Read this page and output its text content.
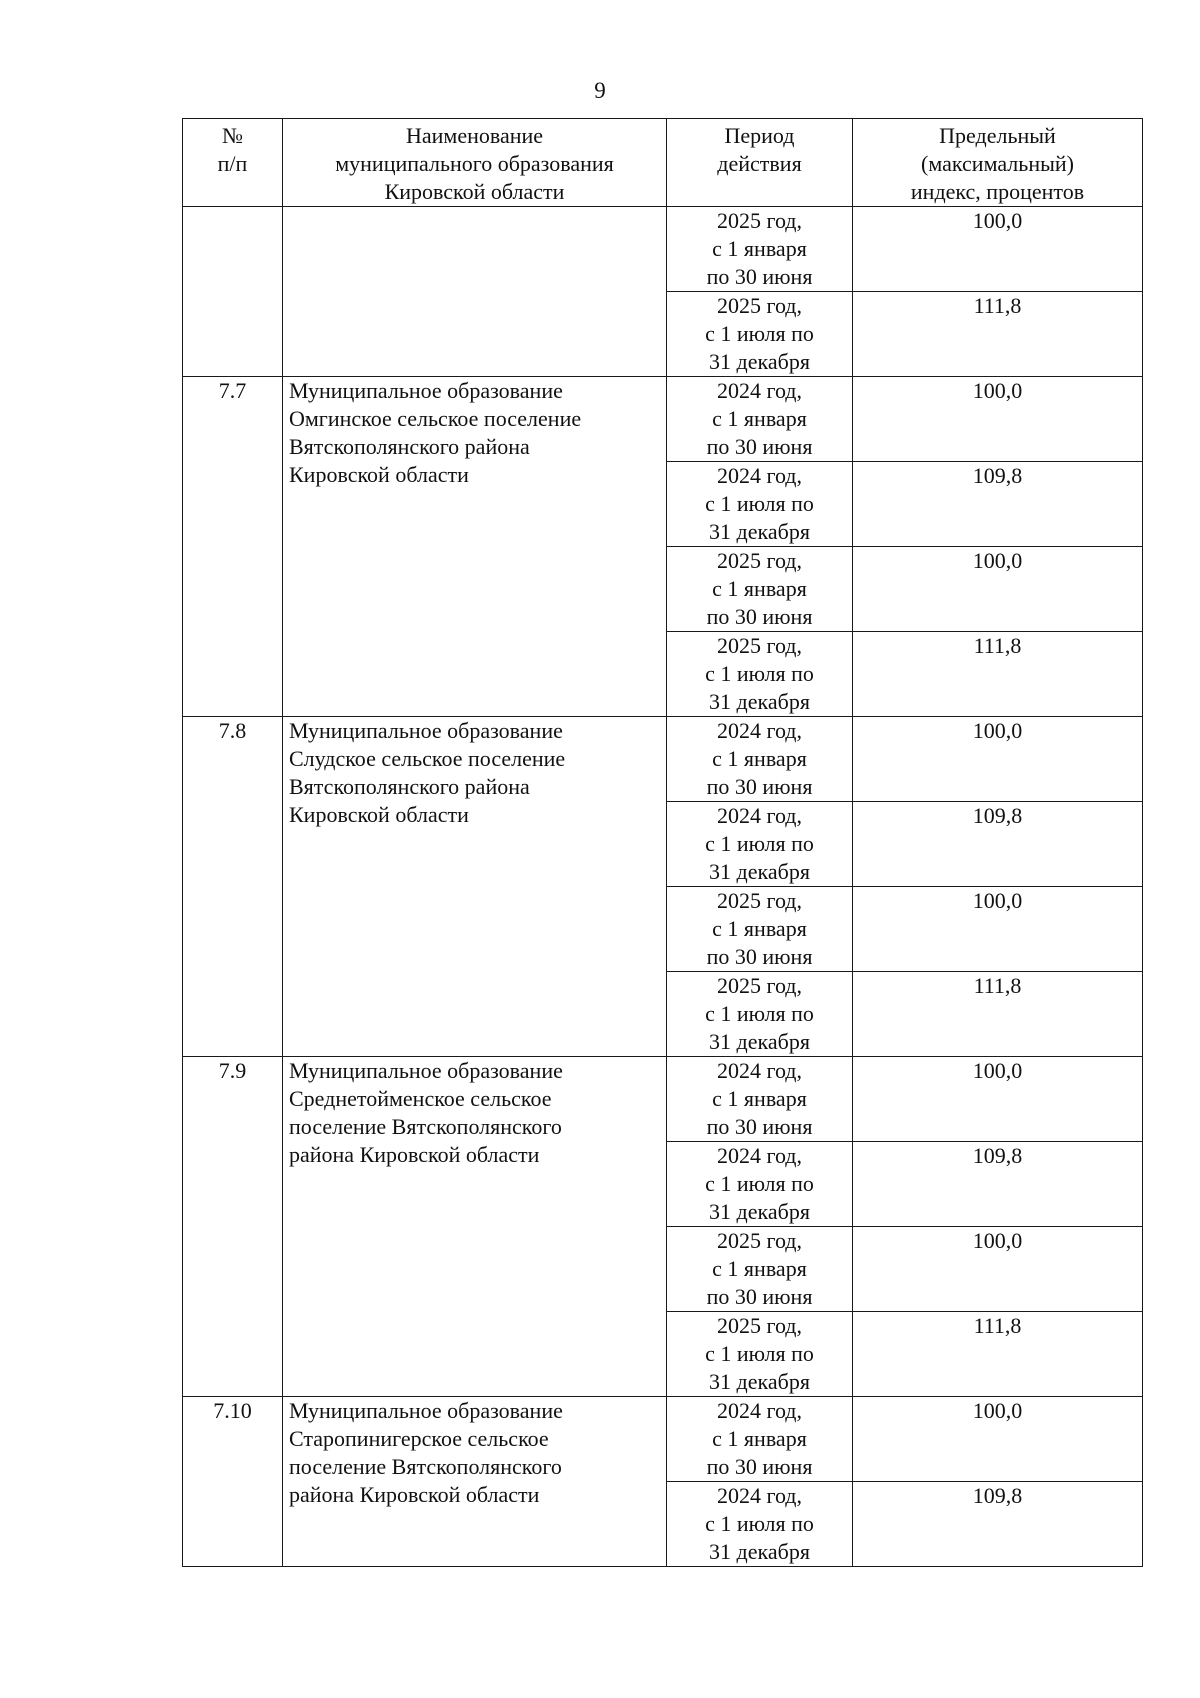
9
№
п/п	Наименование
муниципального образования
Кировской области	Период
действия	Предельный
(максимальный)
индекс, процентов

		2025 год,
с 1 января
по 30 июня	100,0

		2025 год,
с 1 июля по
31 декабря	111,8
7.7	Муниципальное образование
Омгинское сельское поселение
Вятскополянского района
Кировской области	2024 год,
с 1 января
по 30 июня	100,0

		2024 год,
с 1 июля по
31 декабря	109,8

		2025 год,
с 1 января
по 30 июня	100,0

		2025 год,
с 1 июля по
31 декабря	111,8
7.8	Муниципальное образование
Слудское сельское поселение
Вятскополянского района
Кировской области	2024 год,
с 1 января
по 30 июня	100,0

		2024 год,
с 1 июля по
31 декабря	109,8

		2025 год,
с 1 января
по 30 июня	100,0

		2025 год,
с 1 июля по
31 декабря	111,8
7.9	Муниципальное образование
Среднетойменское сельское
поселение Вятскополянского
района Кировской области	2024 год,
с 1 января
по 30 июня	100,0

		2024 год,
с 1 июля по
31 декабря	109,8

		2025 год,
с 1 января
по 30 июня	100,0

		2025 год,
с 1 июля по
31 декабря	111,8
7.10	Муниципальное образование
Старопинигерское сельское
поселение Вятскополянского
района Кировской области	2024 год,
с 1 января
по 30 июня	100,0

		2024 год,
с 1 июля по
31 декабря	109,8
